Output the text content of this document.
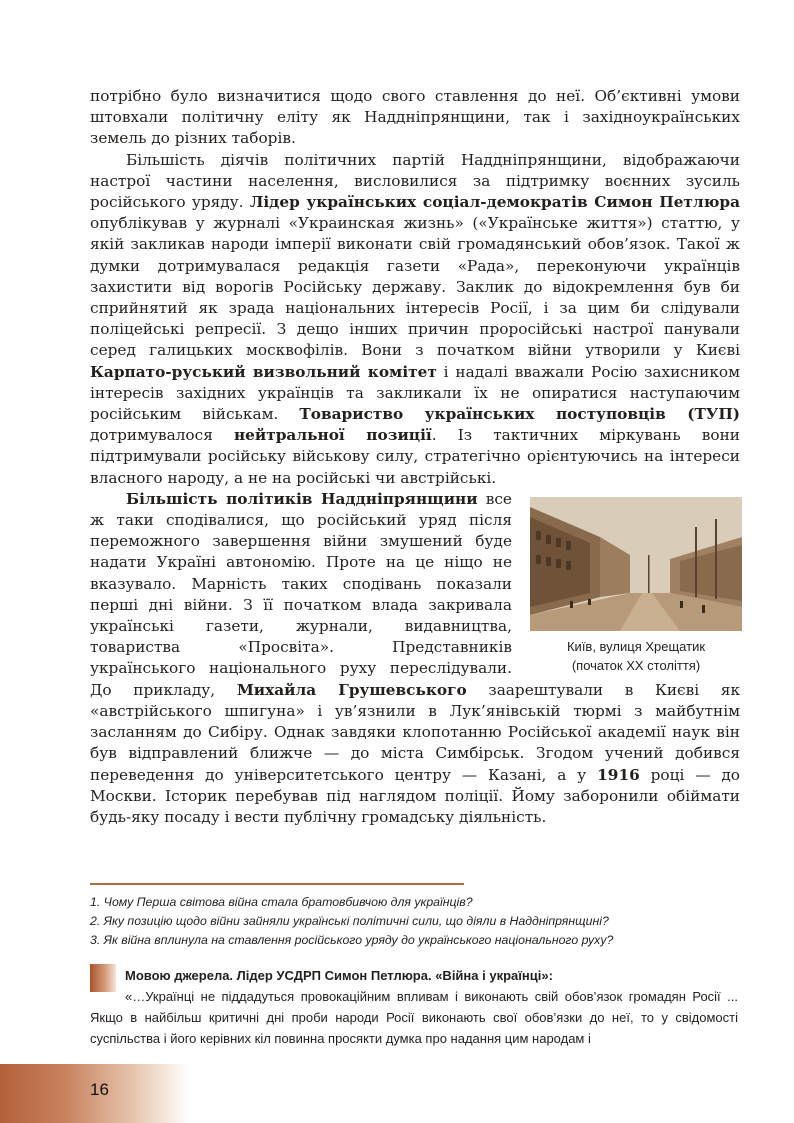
потрібно було визначитися щодо свого ставлення до неї. Об’єктивні умови штовхали політичну еліту як Наддніпрянщини, так і західноукраїнських земель до різних таборів.

Більшість діячів політичних партій Наддніпрянщини, відображаючи настрої частини населення, висловилися за підтримку воєнних зусиль російського уряду. Лідер українських соціал-демократів Симон Петлюра опублікував у журналі «Украинская жизнь» («Українське життя») статтю, у якій закликав народи імперії виконати свій громадянський обов’язок. Такої ж думки дотримувалася редакція газети «Рада», переконуючи українців захистити від ворогів Російську державу. Заклик до відокремлення був би сприйнятий як зрада національних інтересів Росії, і за цим би слідували поліцейські репресії. З дещо інших причин проросійські настрої панували серед галицьких москвофілів. Вони з початком війни утворили у Києві Карпато-руський визвольний комітет і надалі вважали Росію захисником інтересів західних українців та закликали їх не опиратися наступаючим російським військам. Товариство українських поступовців (ТУП) дотримувалося нейтральної позиції. Із тактичних міркувань вони підтримували російську військову силу, стратегічно орієнтуючись на інтереси власного народу, а не на російські чи австрійські.

Київ, вулиця Хрещатик
(початок ХХ століття)

Більшість політиків Наддніпрянщини все ж таки сподівалися, що російський уряд після переможного завершення війни змушений буде надати Україні автономію. Проте на це ніщо не вказувало. Марність таких сподівань показали перші дні війни. З її початком влада закривала українські газети, журнали, видавництва, товариства «Просвіта». Представників українського національного руху переслідували. До прикладу, Михайла Грушевського заарештували в Києві як «австрійського шпигуна» і ув’язнили в Лук’янівській тюрмі з майбутнім засланням до Сибіру. Однак завдяки клопотанню Російської академії наук він був відправлений ближче — до міста Симбірськ. Згодом учений добився переведення до університетського центру — Казані, а у 1916 році — до Москви. Історик перебував під наглядом поліції. Йому заборонили обіймати будь-яку посаду і вести публічну громадську діяльність.

1. Чому Перша світова війна стала братовбивчою для українців?
2. Яку позицію щодо війни зайняли українські політичні сили, що діяли в Наддніпрянщині?
3. Як війна вплинула на ставлення російського уряду до українського національного руху?
Мовою джерела. Лідер УСДРП Симон Петлюра. «Війна і українці»:
«…Українці не піддадуться провокаційним впливам і виконають свій обов’язок громадян Росії ... Якщо в найбільш критичні дні проби народи Росії виконають свої обов’язки до неї, то у свідомості суспільства і його керівних кіл повинна просякти думка про надання цим народам і
16
